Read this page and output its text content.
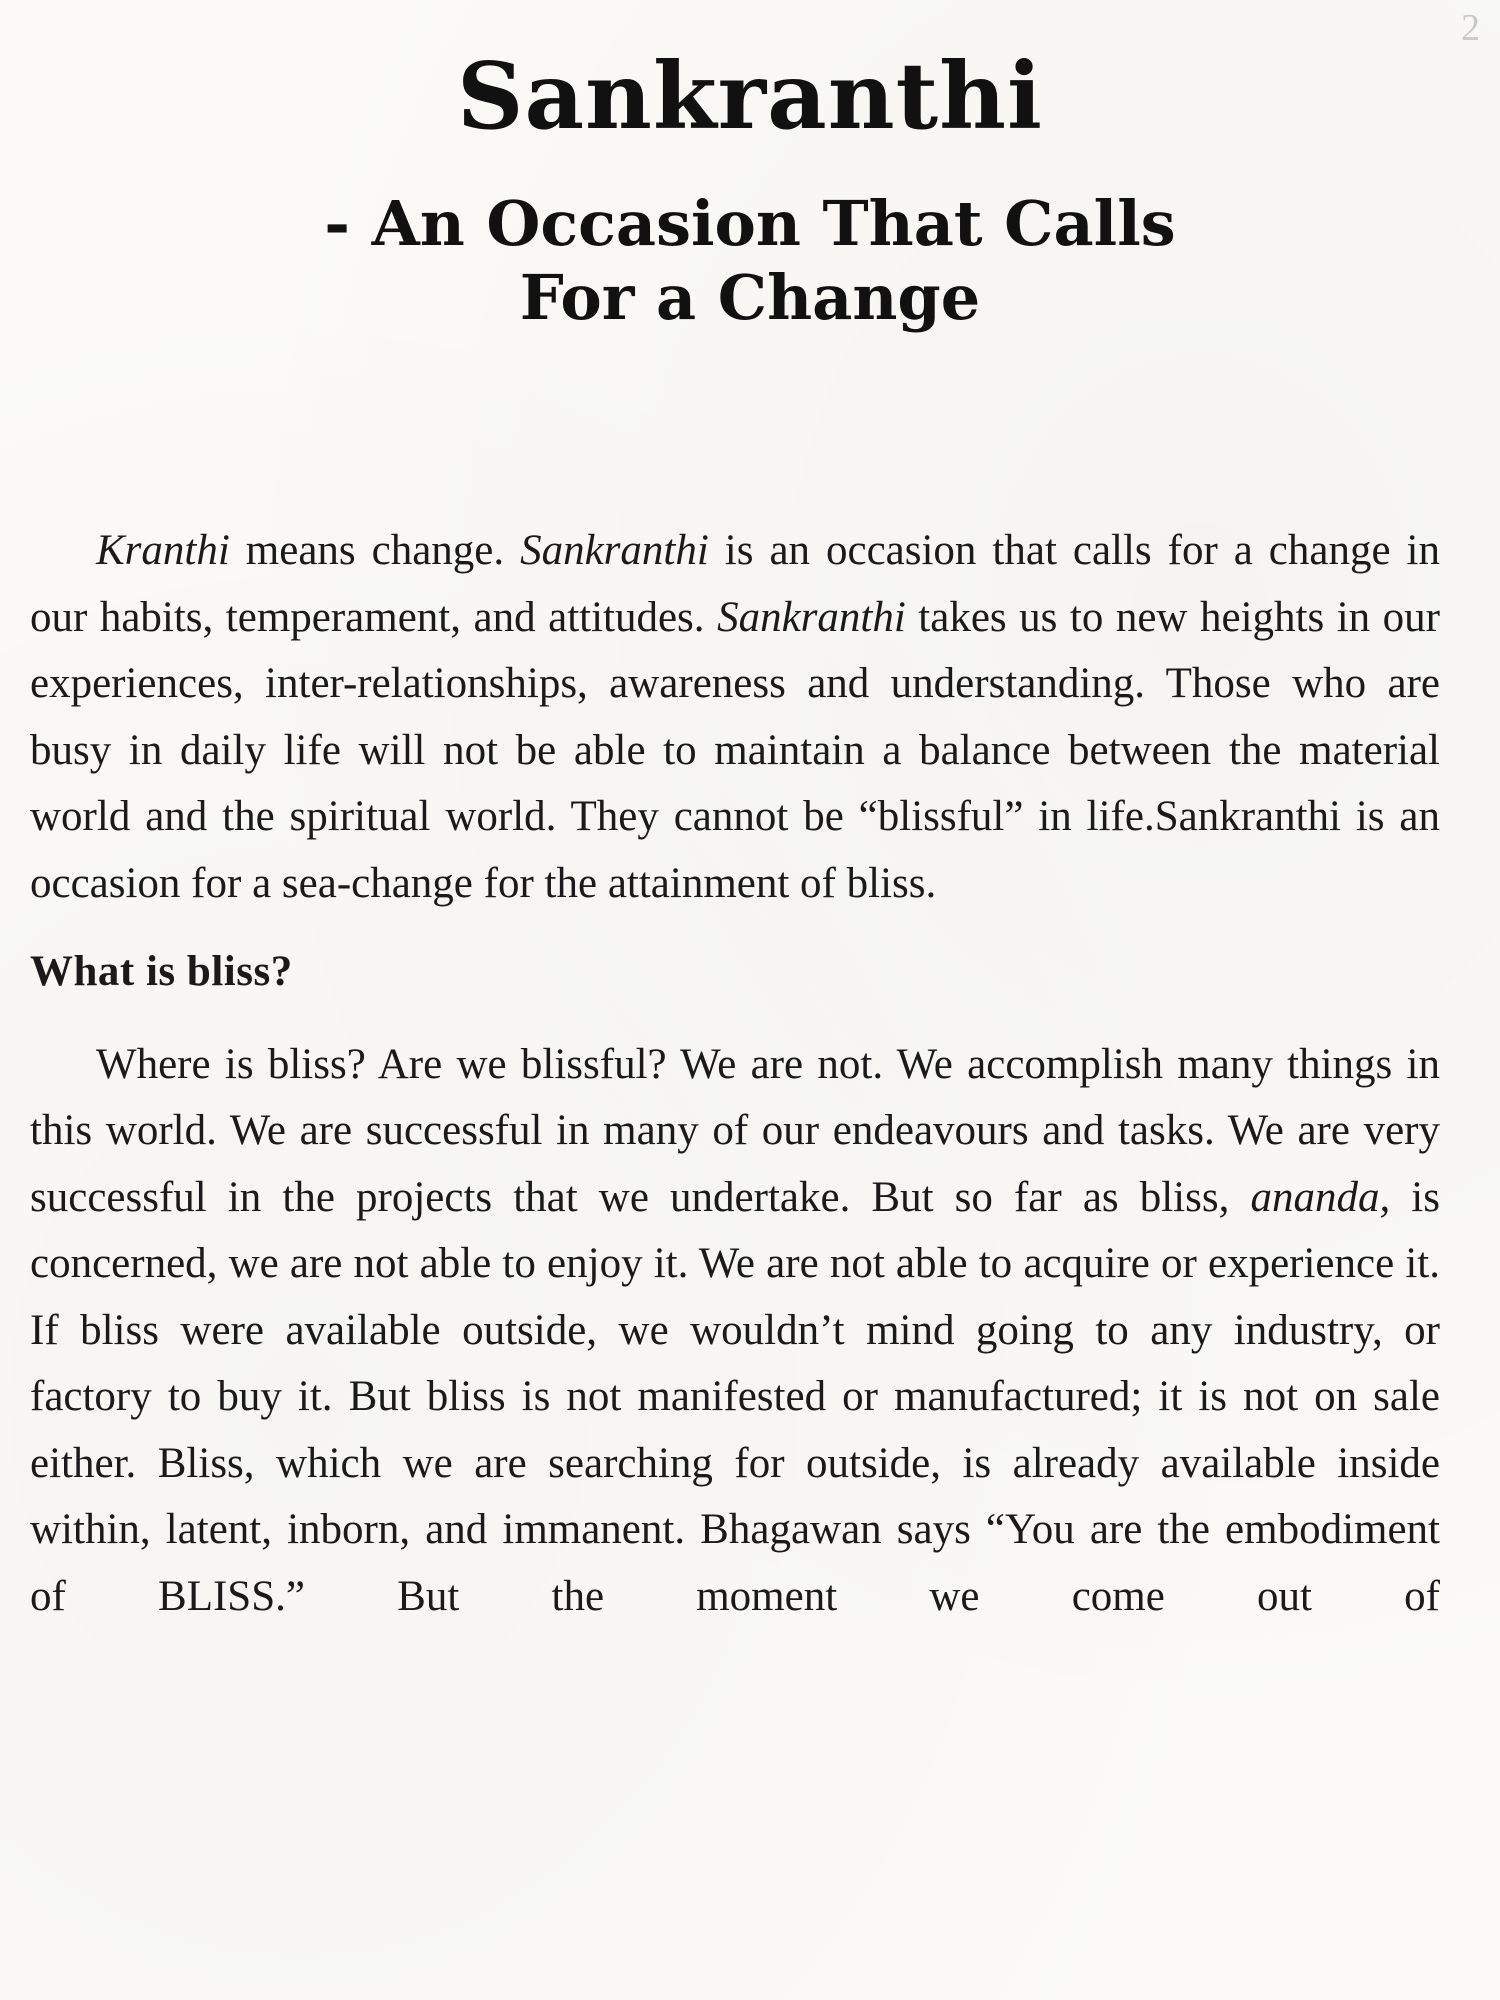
2
Sankranthi
- An Occasion That Calls
For a Change

Kranthi means change. Sankranthi is an occasion that calls for a change in our habits, temperament, and attitudes. Sankranthi takes us to new heights in our experiences, inter-relationships, awareness and understanding. Those who are busy in daily life will not be able to maintain a balance between the material world and the spiritual world. They cannot be “blissful” in life.Sankranthi is an occasion for a sea-change for the attainment of bliss.

What is bliss?

Where is bliss? Are we blissful? We are not. We accomplish many things in this world. We are successful in many of our endeavours and tasks. We are very successful in the projects that we undertake. But so far as bliss, ananda, is concerned, we are not able to enjoy it. We are not able to acquire or experience it. If bliss were available outside, we wouldn’t mind going to any industry, or factory to buy it. But bliss is not manifested or manufactured; it is not on sale either. Bliss, which we are searching for outside, is already available inside within, latent, inborn, and immanent. Bhagawan says “You are the embodiment of BLISS.” But the moment we come out of
